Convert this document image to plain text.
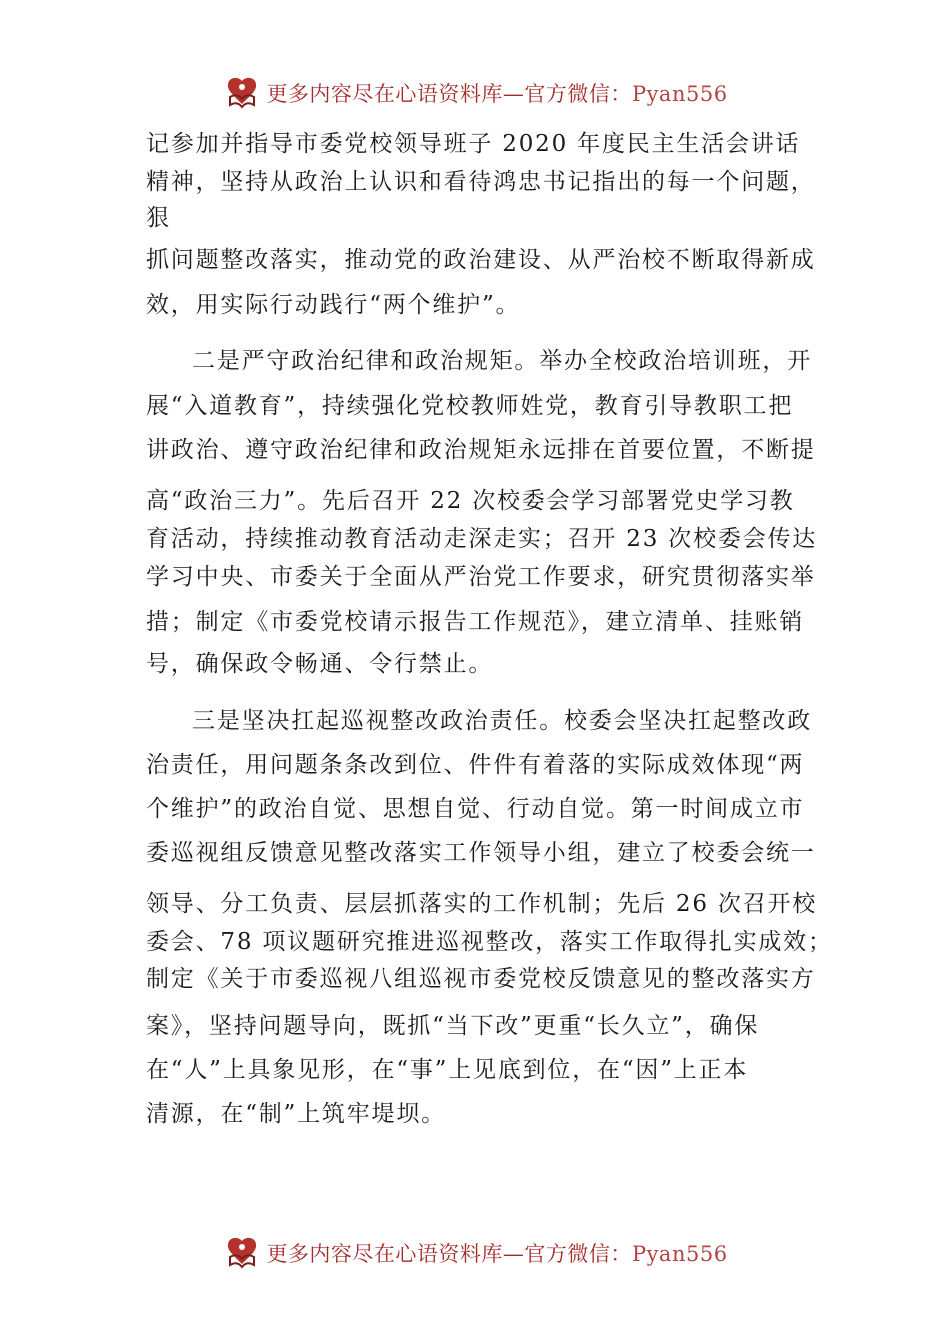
更多内容尽在心语资料库—官方微信：Pyan556
记参加并指导市委党校领导班子 2020 年度民主生活会讲话
精神，坚持从政治上认识和看待鸿忠书记指出的每一个问题，
狠
抓问题整改落实，推动党的政治建设、从严治校不断取得新成
效，用实际行动践行“两个维护”。
二是严守政治纪律和政治规矩。举办全校政治培训班，开
展“入道教育”，持续强化党校教师姓党，教育引导教职工把
讲政治、遵守政治纪律和政治规矩永远排在首要位置，不断提
高“政治三力”。先后召开 22 次校委会学习部署党史学习教
育活动，持续推动教育活动走深走实；召开 23 次校委会传达
学习中央、市委关于全面从严治党工作要求，研究贯彻落实举
措；制定《市委党校请示报告工作规范》，建立清单、挂账销
号，确保政令畅通、令行禁止。
三是坚决扛起巡视整改政治责任。校委会坚决扛起整改政
治责任，用问题条条改到位、件件有着落的实际成效体现“两
个维护”的政治自觉、思想自觉、行动自觉。第一时间成立市
委巡视组反馈意见整改落实工作领导小组，建立了校委会统一
领导、分工负责、层层抓落实的工作机制；先后 26 次召开校
委会、78 项议题研究推进巡视整改，落实工作取得扎实成效；
制定《关于市委巡视八组巡视市委党校反馈意见的整改落实方
案》，坚持问题导向，既抓“当下改”更重“长久立”，确保
在“人”上具象见形，在“事”上见底到位，在“因”上正本
清源，在“制”上筑牢堤坝。
更多内容尽在心语资料库—官方微信：Pyan556
